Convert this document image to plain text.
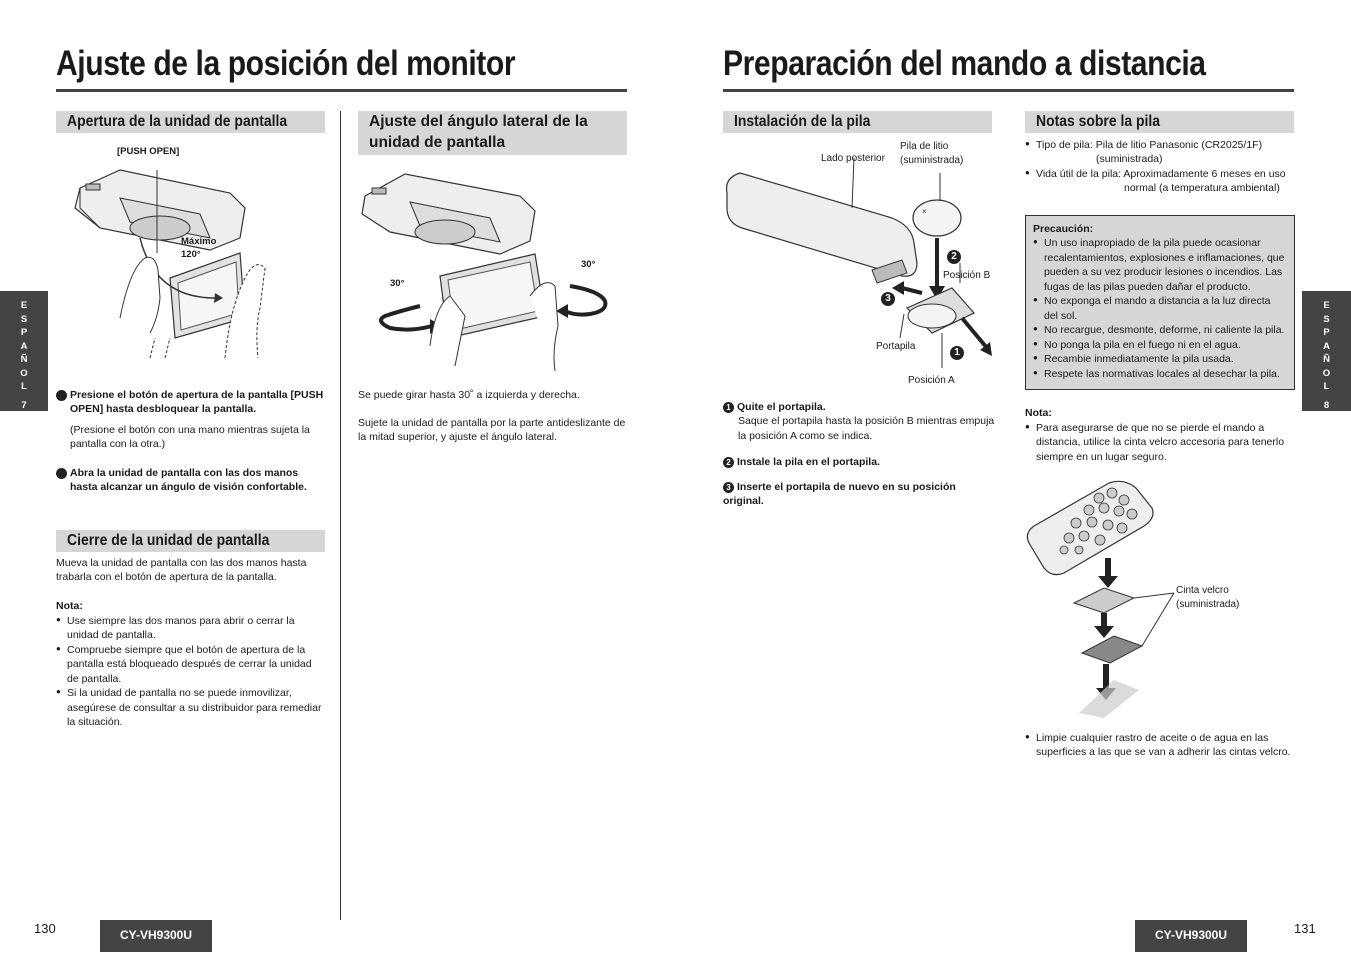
Ajuste de la posición del monitor
Apertura de la unidad de pantalla
[PUSH OPEN]
Máximo
120°
1 Presione el botón de apertura de la pantalla [PUSH OPEN] hasta desbloquear la pantalla.
(Presione el botón con una mano mientras sujeta la pantalla con la otra.)
2 Abra la unidad de pantalla con las dos manos hasta alcanzar un ángulo de visión confortable.
Cierre de la unidad de pantalla
Mueva la unidad de pantalla con las dos manos hasta trabarla con el botón de apertura de la pantalla.
Nota:
● Use siempre las dos manos para abrir o cerrar la unidad de pantalla.
● Compruebe siempre que el botón de apertura de la pantalla está bloqueado después de cerrar la unidad de pantalla.
● Si la unidad de pantalla no se puede inmovilizar, asegúrese de consultar a su distribuidor para remediar la situación.
Ajuste del ángulo lateral de la unidad de pantalla
30°
30°
Se puede girar hasta 30˚ a izquierda y derecha.
Sujete la unidad de pantalla por la parte antideslizante de la mitad superior, y ajuste el ángulo lateral.
E
S
P
A
Ñ
O
L
7
130	CY-VH9300U
Preparación del mando a distancia
Instalación de la pila
×
Lado posterior
Pila de litio
(suministrada)
2
Posición B
3
Portapila
1
Posición A
1 Quite el portapila.
Saque el portapila hasta la posición B mientras empuja la posición A como se indica.
2 Instale la pila en el portapila.
3 Inserte el portapila de nuevo en su posición original.
Notas sobre la pila
● Tipo de pila: Pila de litio Panasonic (CR2025/1F)
(suministrada)
● Vida útil de la pila: Aproximadamente 6 meses en uso
normal (a temperatura ambiental)
Precaución:
● Un uso inapropiado de la pila puede ocasionar recalentamientos, explosiones e inflamaciones, que pueden a su vez producir lesiones o incendios. Las fugas de las pilas pueden dañar el producto.
● No exponga el mando a distancia a la luz directa del sol.
● No recargue, desmonte, deforme, ni caliente la pila.
● No ponga la pila en el fuego ni en el agua.
● Recambie inmediatamente la pila usada.
● Respete las normativas locales al desechar la pila.
Nota:
● Para asegurarse de que no se pierde el mando a distancia, utilice la cinta velcro accesoria para tenerlo siempre en un lugar seguro.
Cinta velcro
(suministrada)
● Limpie cualquier rastro de aceite o de agua en las superficies a las que se van a adherir las cintas velcro.
E
S
P
A
Ñ
O
L
8
CY-VH9300U	131
